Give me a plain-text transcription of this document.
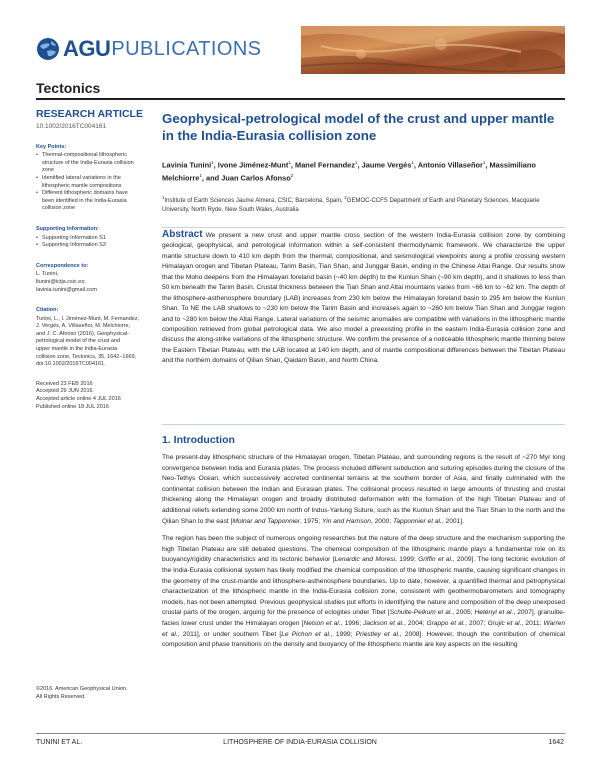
AGU PUBLICATIONS
Tectonics
RESEARCH ARTICLE
10.1002/2016TC004161
Key Points:
• Thermal-compositional lithospheric
structure of the India-Eurasia collision
zone
• Identified lateral variations in the
lithospheric mantle compositions
• Different lithospheric domains have
been identified in the India-Eurasia
collision zone
Supporting Information:
• Supporting Information S1
• Supporting Information S2
Correspondence to:
L. Tunini,
ltunini@ictja.csic.es;
lavinia.tunini@gmail.com
Citation:
Tunini, L., I. Jiménez-Munt, M. Fernandez,
J. Vergés, A. Villaseñor, M. Melchiorre,
and J. C. Afonso (2016), Geophysical-
petrological model of the crust and
upper mantle in the India-Eurasia
collision zone, Tectonics, 35, 1642–1669,
doi:10.1002/2016TC004161.
Received 23 FEB 2016
Accepted 29 JUN 2016
Accepted article online 4 JUL 2016
Published online 18 JUL 2016
©2016. American Geophysical Union.
All Rights Reserved.
Geophysical-petrological model of the crust and upper mantle in the India-Eurasia collision zone
Lavinia Tunini$^1$, Ivone Jiménez-Munt$^1$, Manel Fernandez$^1$, Jaume Vergés$^1$, Antonio Villaseñor$^1$, Massimiliano Melchiorre$^1$, and Juan Carlos Afonso$^2$
$^1$Institute of Earth Sciences Jaume Almera, CSIC, Barcelona, Spain, $^2$GEMOC-CCFS Department of Earth and Planetary Sciences, Macquarie University, North Ryde, New South Wales, Australia

Abstract We present a new crust and upper mantle cross section of the western India-Eurasia collision zone by combining geological, geophysical, and petrological information within a self-consistent thermodynamic framework. We characterize the upper mantle structure down to 410 km depth from the thermal, compositional, and seismological viewpoints along a profile crossing western Himalayan orogen and Tibetan Plateau, Tarim Basin, Tian Shan, and Junggar Basin, ending in the Chinese Altai Range. Our results show that the Moho deepens from the Himalayan foreland basin (~40 km depth) to the Kunlun Shan (~90 km depth), and it shallows to less than 50 km beneath the Tarim Basin. Crustal thickness between the Tian Shan and Altai mountains varies from ~66 km to ~62 km. The depth of the lithosphere-asthenosphere boundary (LAB) increases from 230 km below the Himalayan foreland basin to 295 km below the Kunlun Shan. To NE the LAB shallows to ~230 km below the Tarim Basin and increases again to ~260 km below Tian Shan and Junggar region and to ~280 km below the Altai Range. Lateral variations of the seismic anomalies are compatible with variations in the lithospheric mantle composition retrieved from global petrological data. We also model a preexisting profile in the eastern India-Eurasia collision zone and discuss the along-strike variations of the lithospheric structure. We confirm the presence of a noticeable lithospheric mantle thinning below the Eastern Tibetan Plateau, with the LAB located at 140 km depth, and of mantle compositional differences between the Tibetan Plateau and the northern domains of Qilian Shan, Qaidam Basin, and North China.

1. Introduction

The present-day lithospheric structure of the Himalayan orogen, Tibetan Plateau, and surrounding regions is the result of ~270 Myr long convergence between India and Eurasia plates. The process included different subduction and suturing episodes during the closure of the Neo-Tethys Ocean, which successively accreted continental terrains at the southern border of Asia, and finally culminated with the continental collision between the Indian and Eurasian plates. The collisional process resulted in large amounts of thrusting and crustal thickening along the Himalayan orogen and broadly distributed deformation with the formation of the high Tibetan Plateau and of additional reliefs extending some 2000 km north of Indus-Yarlung Suture, such as the Kunlun Shan and the Tian Shan to the north and the Qilian Shan to the east [Molnar and Tapponnier, 1975; Yin and Harrison, 2000; Tapponnier et al., 2001].

The region has been the subject of numerous ongoing researches but the nature of the deep structure and the mechanism supporting the high Tibetan Plateau are still debated questions. The chemical composition of the lithospheric mantle plays a fundamental role on its buoyancy/rigidity characteristics and its tectonic behavior [Lenardic and Moresi, 1999; Griffin et al., 2009]. The long tectonic evolution of the India-Eurasia collisional system has likely modified the chemical composition of the lithospheric mantle, causing significant changes in the geometry of the crust-mantle and lithosphere-asthenosphere boundaries. Up to date, however, a quantified thermal and petrophysical characterization of the lithospheric mantle in the India-Eurasia collision zone, consistent with geothermobarometers and tomography models, has not been attempted. Previous geophysical studies put efforts in identifying the nature and composition of the deep unexposed crustal parts of the orogen, arguing for the presence of eclogites under Tibet [Schulte-Pelkum et al., 2005; Hetényi et al., 2007], granulite-facies lower crust under the Himalayan orogen [Nelson et al., 1996; Jackson et al., 2004; Grappo et al., 2007; Grujic et al., 2011; Warren et al., 2011], or under southern Tibet [Le Pichon et al., 1999; Priestley et al., 2008]. However, though the contribution of chemical composition and phase transitions on the density and buoyancy of the lithospheric mantle are key aspects on the resulting

TUNINI ET AL.	LITHOSPHERE OF INDIA-EURASIA COLLISION	1642
